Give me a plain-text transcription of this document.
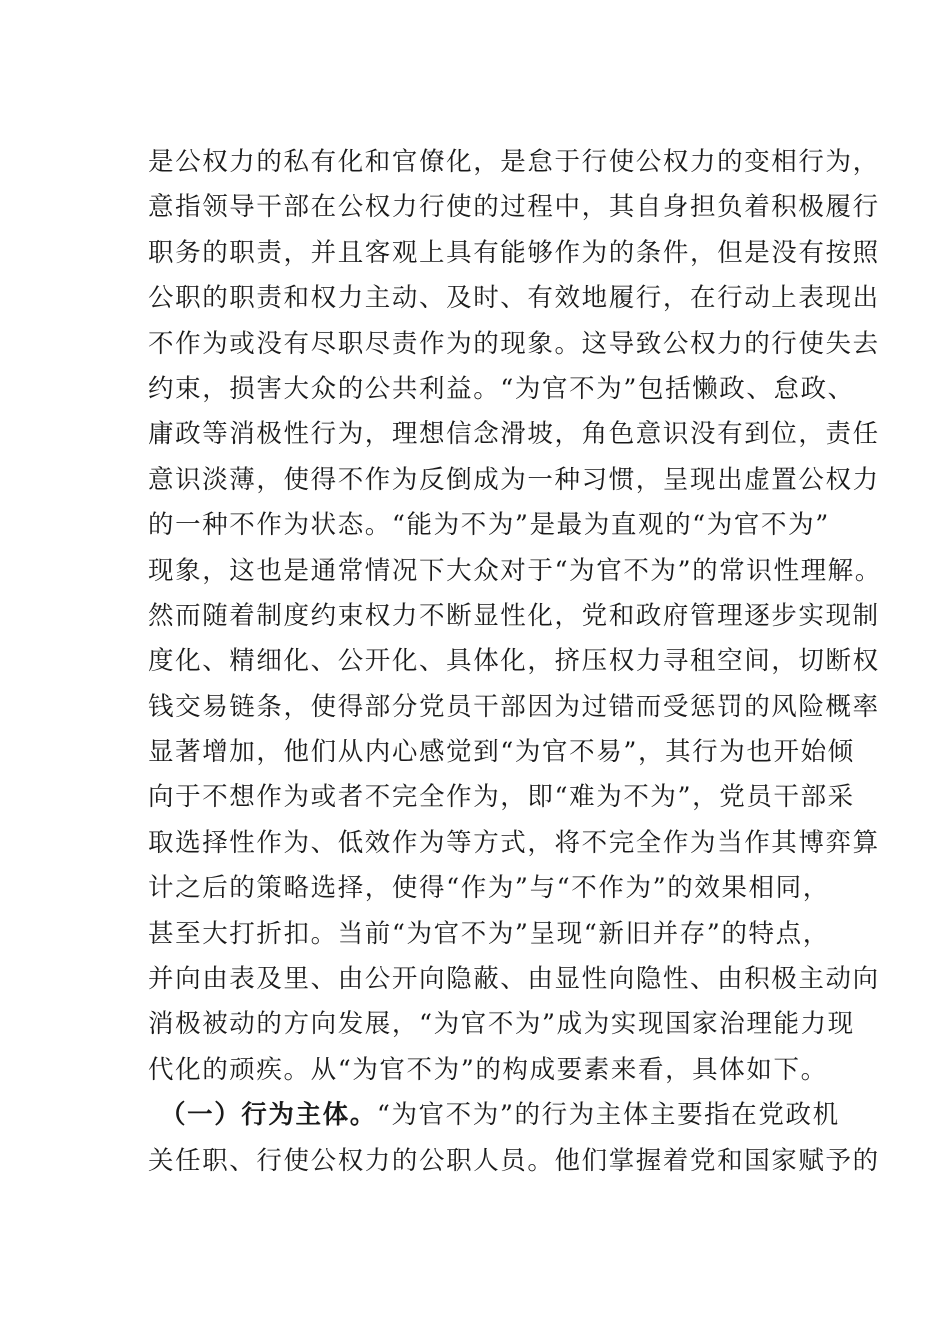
是公权力的私有化和官僚化，是怠于行使公权力的变相行为，
意指领导干部在公权力行使的过程中，其自身担负着积极履行
职务的职责，并且客观上具有能够作为的条件，但是没有按照
公职的职责和权力主动、及时、有效地履行，在行动上表现出
不作为或没有尽职尽责作为的现象。这导致公权力的行使失去
约束，损害大众的公共利益。“为官不为”包括懒政、怠政、
庸政等消极性行为，理想信念滑坡，角色意识没有到位，责任
意识淡薄，使得不作为反倒成为一种习惯，呈现出虚置公权力
的一种不作为状态。“能为不为”是最为直观的“为官不为”
现象，这也是通常情况下大众对于“为官不为”的常识性理解。
然而随着制度约束权力不断显性化，党和政府管理逐步实现制
度化、精细化、公开化、具体化，挤压权力寻租空间，切断权
钱交易链条，使得部分党员干部因为过错而受惩罚的风险概率
显著增加，他们从内心感觉到“为官不易”，其行为也开始倾
向于不想作为或者不完全作为，即“难为不为”，党员干部采
取选择性作为、低效作为等方式，将不完全作为当作其博弈算
计之后的策略选择，使得“作为”与“不作为”的效果相同，
甚至大打折扣。当前“为官不为”呈现“新旧并存”的特点，
并向由表及里、由公开向隐蔽、由显性向隐性、由积极主动向
消极被动的方向发展，“为官不为”成为实现国家治理能力现
代化的顽疾。从“为官不为”的构成要素来看，具体如下。
（一）行为主体。“为官不为”的行为主体主要指在党政机
关任职、行使公权力的公职人员。他们掌握着党和国家赋予的
